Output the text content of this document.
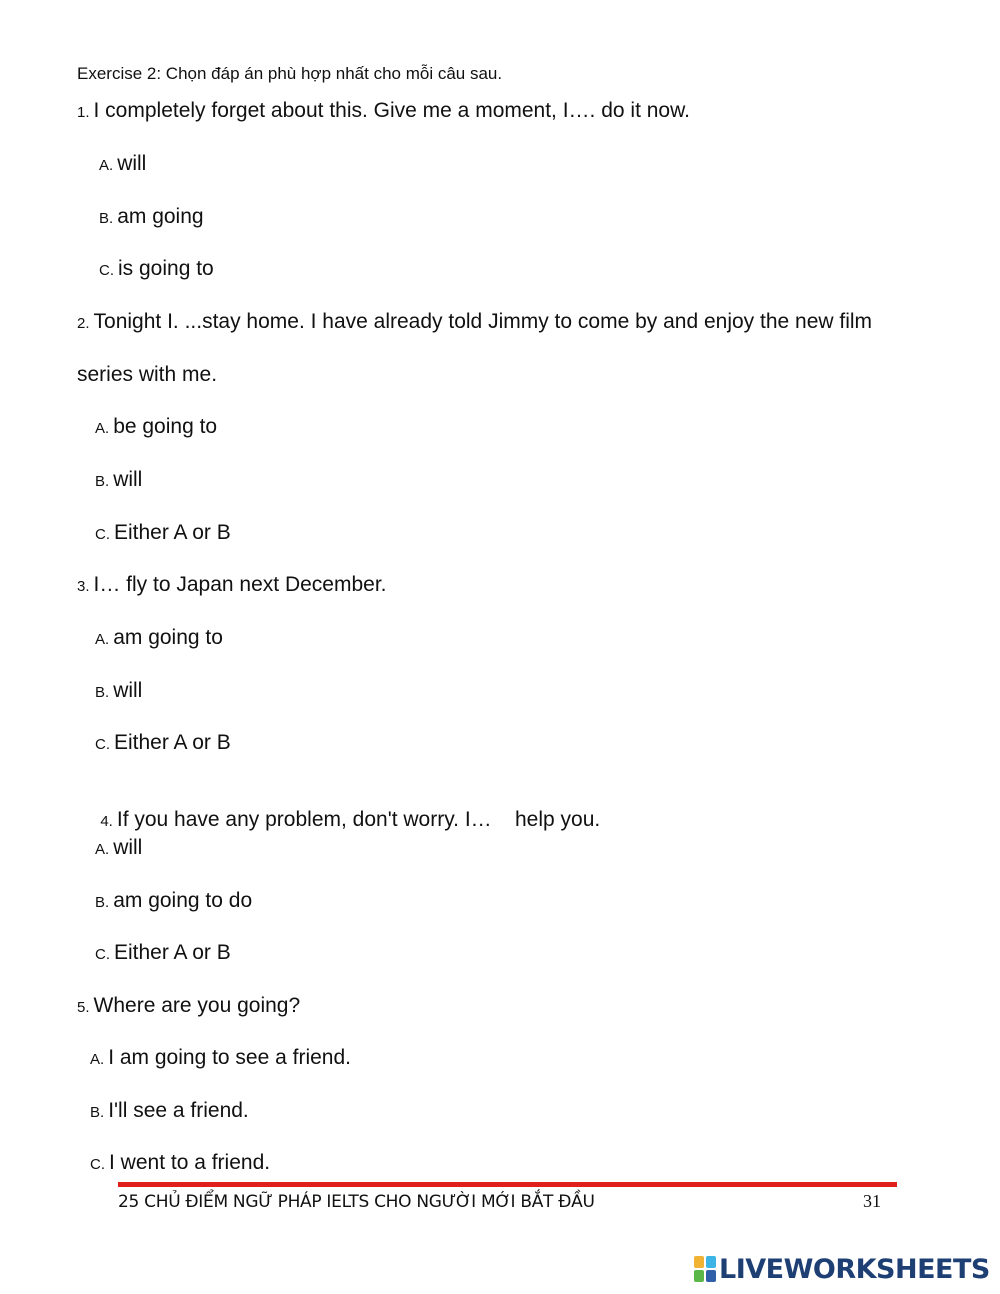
Exercise 2: Chọn đáp án phù hợp nhất cho mỗi câu sau.
1. I completely forget about this. Give me a moment, I…. do it now.
A. will
B. am going
C. is going to
2. Tonight I. ...stay home. I have already told Jimmy to come by and enjoy the new film
series with me.
A. be going to
B. will
C. Either A or B
3. I… fly to Japan next December.
A. am going to
B. will
C. Either A or B

4. If you have any problem, don't worry. I…    help you.

A. will
B. am going to do
C. Either A or B
5. Where are you going?
A. I am going to see a friend.
B. I'll see a friend.
C. I went to a friend.
25 CHỦ ĐIỂM NGỮ PHÁP IELTS CHO NGƯỜI MỚI BẮT ĐẦU	31
LIVEWORKSHEETS
